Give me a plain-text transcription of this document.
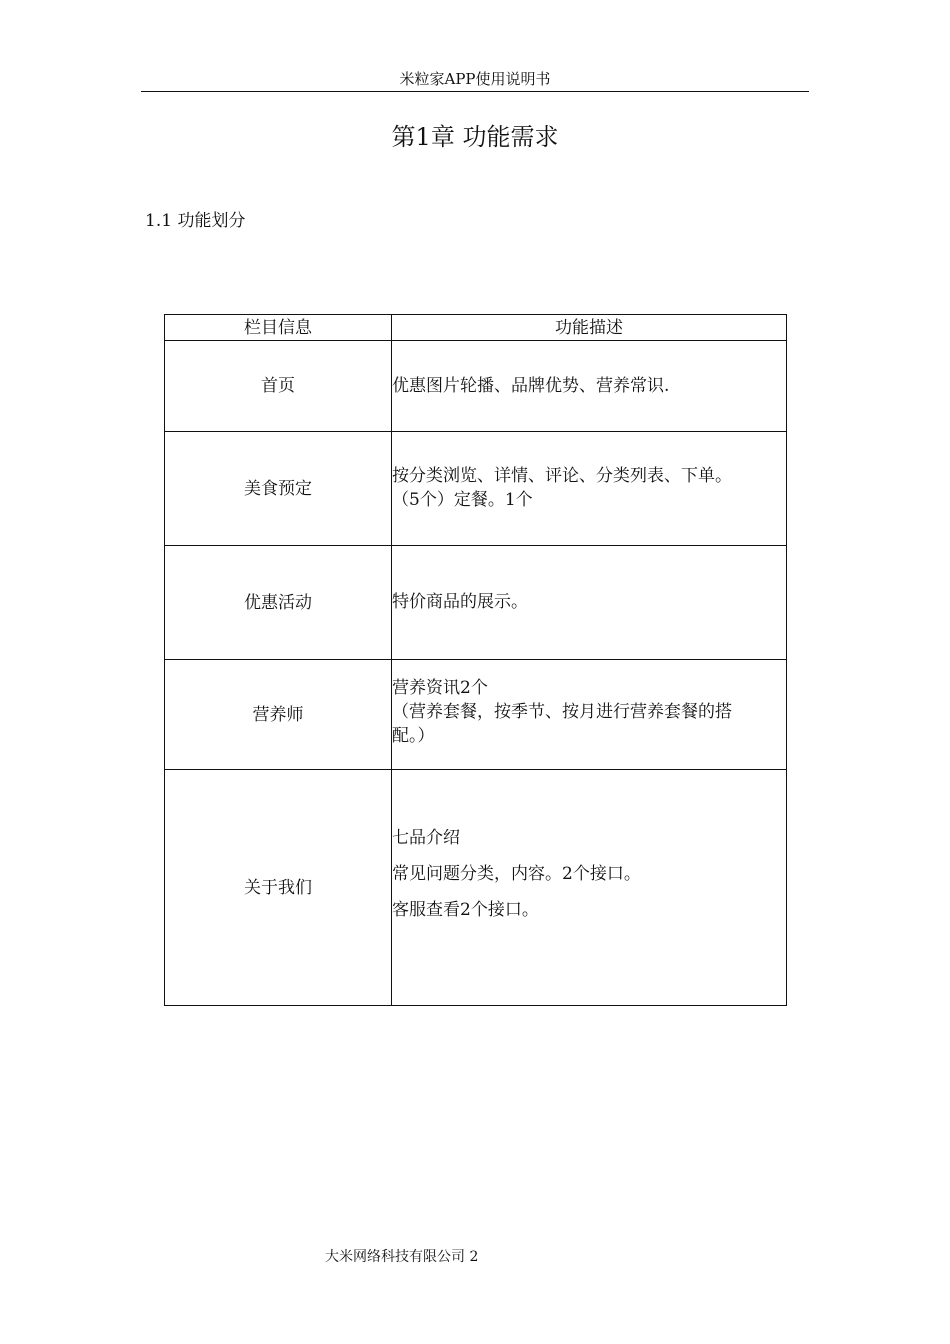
米粒家APP使用说明书
第1章 功能需求
1.1 功能划分
栏目信息	功能描述
首页	优惠图片轮播、品牌优势、营养常识.

美食预定	按分类浏览、详情、评论、分类列表、下单。
（5个）定餐。1个

优惠活动	特价商品的展示。

营养师	营养资讯2个
（营养套餐，按季节、按月进行营养套餐的搭
配。）

关于我们	七品介绍
常见问题分类，内容。2个接口。
客服查看2个接口。
大米网络科技有限公司 2
